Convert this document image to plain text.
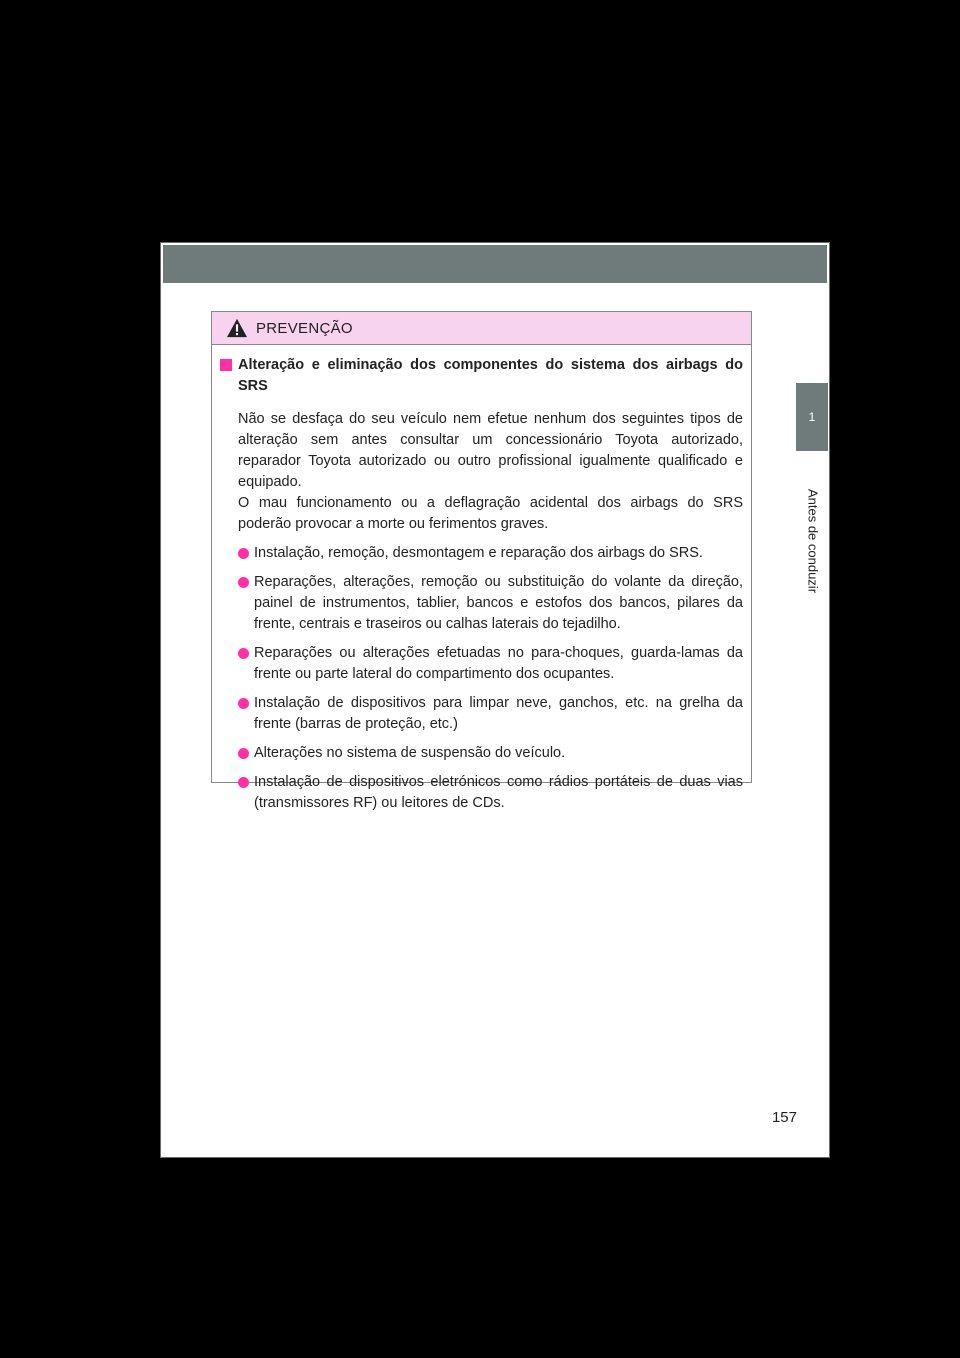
1
Antes de conduzir
PREVENÇÃO
Alteração e eliminação dos componentes do sistema dos airbags do SRS
Não se desfaça do seu veículo nem efetue nenhum dos seguintes tipos de alteração sem antes consultar um concessionário Toyota autorizado, reparador Toyota autorizado ou outro profissional igualmente qualificado e equipado.
O mau funcionamento ou a deflagração acidental dos airbags do SRS poderão provocar a morte ou ferimentos graves.
Instalação, remoção, desmontagem e reparação dos airbags do SRS.
Reparações, alterações, remoção ou substituição do volante da direção, painel de instrumentos, tablier, bancos e estofos dos bancos, pilares da frente, centrais e traseiros ou calhas laterais do tejadilho.
Reparações ou alterações efetuadas no para-choques, guarda-lamas da frente ou parte lateral do compartimento dos ocupantes.
Instalação de dispositivos para limpar neve, ganchos, etc. na grelha da frente (barras de proteção, etc.)
Alterações no sistema de suspensão do veículo.
Instalação de dispositivos eletrónicos como rádios portáteis de duas vias (transmissores RF) ou leitores de CDs.
157
